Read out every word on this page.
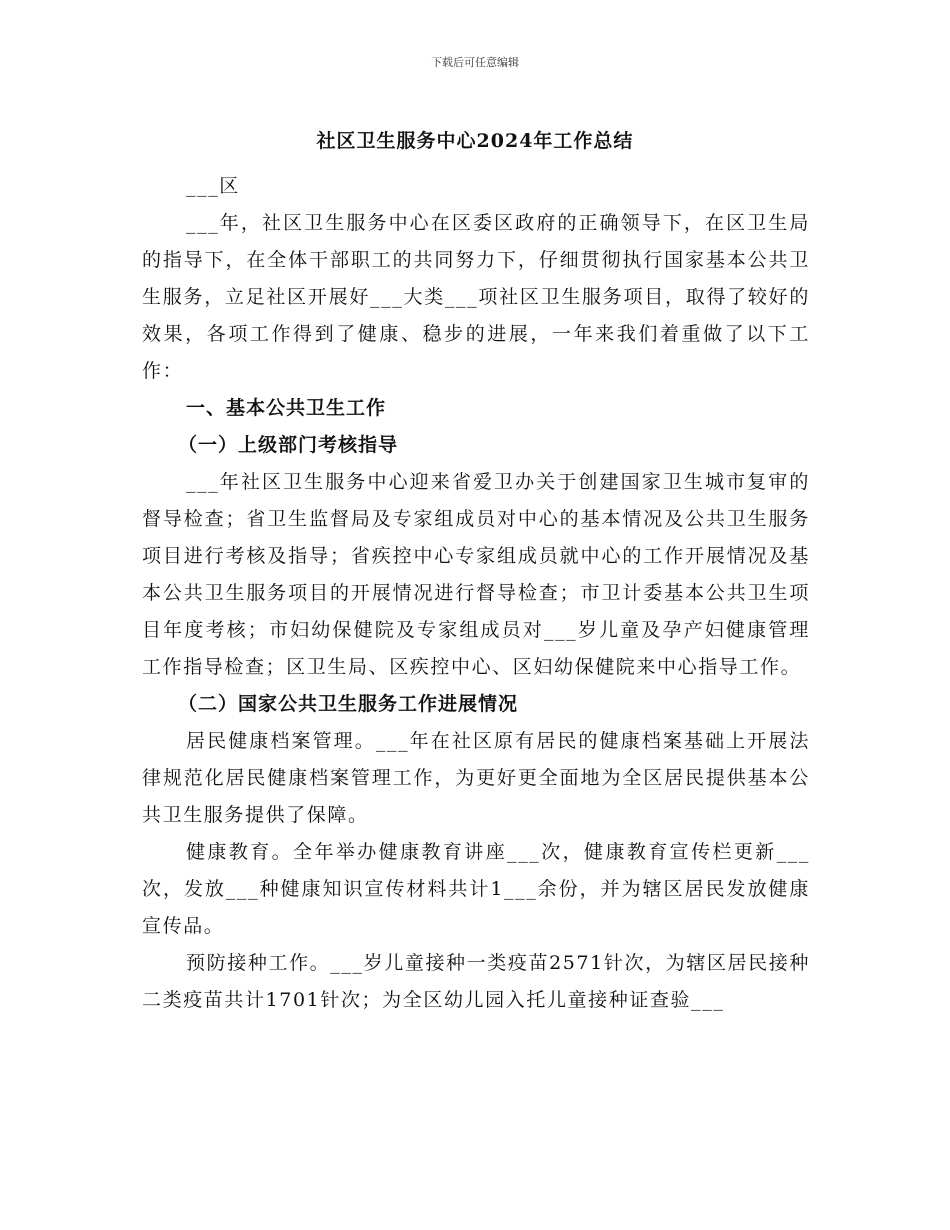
下载后可任意编辑
社区卫生服务中心2024年工作总结

___区

___年，社区卫生服务中心在区委区政府的正确领导下，在区卫生局的指导下，在全体干部职工的共同努力下，仔细贯彻执行国家基本公共卫生服务，立足社区开展好___大类___项社区卫生服务项目，取得了较好的效果，各项工作得到了健康、稳步的进展，一年来我们着重做了以下工作：

一、基本公共卫生工作

（一）上级部门考核指导

___年社区卫生服务中心迎来省爱卫办关于创建国家卫生城市复审的督导检查；省卫生监督局及专家组成员对中心的基本情况及公共卫生服务项目进行考核及指导；省疾控中心专家组成员就中心的工作开展情况及基本公共卫生服务项目的开展情况进行督导检查；市卫计委基本公共卫生项目年度考核；市妇幼保健院及专家组成员对___岁儿童及孕产妇健康管理工作指导检查；区卫生局、区疾控中心、区妇幼保健院来中心指导工作。

（二）国家公共卫生服务工作进展情况

居民健康档案管理。___年在社区原有居民的健康档案基础上开展法律规范化居民健康档案管理工作，为更好更全面地为全区居民提供基本公共卫生服务提供了保障。

健康教育。全年举办健康教育讲座___次，健康教育宣传栏更新___次，发放___种健康知识宣传材料共计1___余份，并为辖区居民发放健康宣传品。

预防接种工作。___岁儿童接种一类疫苗2571针次，为辖区居民接种二类疫苗共计1701针次；为全区幼儿园入托儿童接种证查验___
